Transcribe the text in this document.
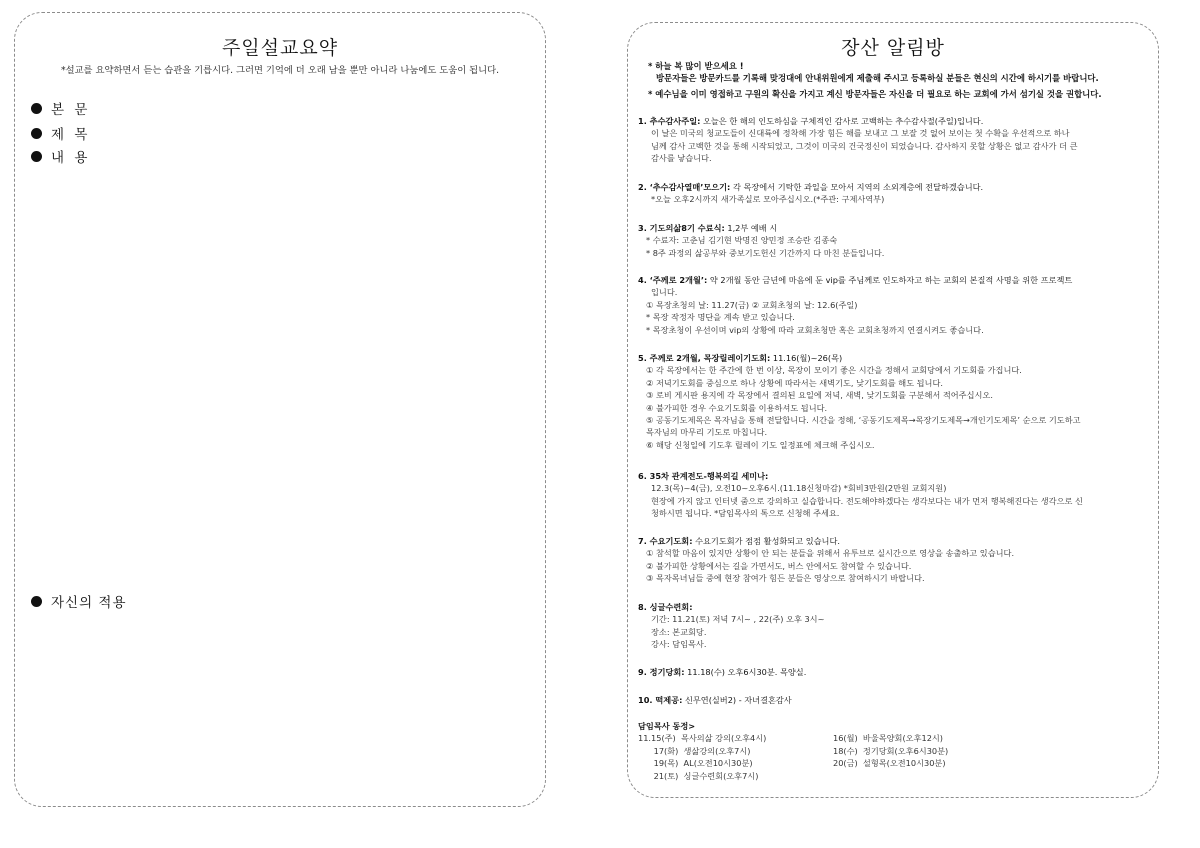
주일설교요약
*설교를 요약하면서 듣는 습관을 기릅시다. 그러면 기억에 더 오래 남을 뿐만 아니라 나눔에도 도움이 됩니다.
본 문
제 목
내 용
자신의 적용
장산 알림방
* 하늘 복 많이 받으세요 !
방문자들은 방문카드를 기록해 맞겅대에 안내위원에게 제출해 주시고 등록하실 분들은 현신의 시간에 하시기를 바랍니다.
* 예수님을 이미 영접하고 구원의 확신을 가지고 계신 방문자들은 자신을 더 필요로 하는 교회에 가서 섬기실 것을 권합니다.
1. 추수감사주일: 오늘은 한 해의 인도하심을 구체적인 감사로 고백하는 추수감사절(주일)입니다.
이 날은 미국의 청교도들이 신대륙에 정착해 가장 힘든 해를 보내고 그 보잘 것 없어 보이는 첫 수확을 우선적으로 하나
님께 감사 고백한 것을 통해 시작되었고, 그것이 미국의 건국정신이 되었습니다. 감사하지 못할 상황은 없고 감사가 더 큰
감사를 낳습니다.
2. ‘추수감사열매’모으기: 각 목장에서 기탁한 과일을 모아서 지역의 소외계층에 전달하겠습니다.
*오늘 오후2시까지 새가족실로 모아주십시오.(*주관: 구제사역부)
3. 기도의삶8기 수료식: 1,2부 예배 시
* 수료자: 고춘님 김기현 박명진 양민정 조승란 김종숙
* 8주 과정의 삶공부와 중보기도헌신 기간까지 다 마친 분들입니다.
4. ‘주께로 2개월’: 약 2개월 동안 금년에 마음에 둔 vip를 주님께로 인도하자고 하는 교회의 본질적 사명을 위한 프로젝트
입니다.
① 목장초청의 날: 11.27(금) ② 교회초청의 날: 12.6(주일)
* 목장 작정자 명단을 계속 받고 있습니다.
* 목장초청이 우선이며 vip의 상황에 따라 교회초청만 혹은 교회초청까지 연결시켜도 좋습니다.
5. 주께로 2개월, 목장릴레이기도회: 11.16(월)~26(목)
① 각 목장에서는 한 주간에 한 번 이상, 목장이 모이기 좋은 시간을 정해서 교회당에서 기도회를 가집니다.
② 저녁기도회를 중심으로 하나 상황에 따라서는 새벽기도, 낮기도회를 해도 됩니다.
③ 로비 게시판 용지에 각 목장에서 결의된 요일에 저녁, 새벽, 낮기도회를 구분해서 적어주십시오.
④ 불가피한 경우 수요기도회를 이용하셔도 됩니다.
⑤ 공동기도제목은 목자님을 통해 전달합니다. 시간을 정해, ‘공동기도제목→목장기도제목→개인기도제목’ 순으로 기도하고
목자님의 마무리 기도로 마칩니다.
⑥ 해당 신청일에 기도후 릴레이 기도 일정표에 체크해 주십시오.
6. 35차 관계전도-행복의길 세미나:
12.3(목)~4(금), 오전10~오후6시.(11.18신청마감) *회비3만원(2만원 교회지원)
현장에 가지 않고 인터넷 줌으로 강의하고 실습합니다. 전도해야하겠다는 생각보다는 내가 먼저 행복해진다는 생각으로 신
청하시면 됩니다. *담임목사의 톡으로 신청해 주세요.
7. 수요기도회: 수요기도회가 점점 활성화되고 있습니다.
① 참석할 마음이 있지만 상황이 안 되는 분들을 위해서 유투브로 실시간으로 영상을 송출하고 있습니다.
② 불가피한 상황에서는 길을 가면서도, 버스 안에서도 참여할 수 있습니다.
③ 목자목녀님들 중에 현장 참여가 힘든 분들은 영상으로 참여하시기 바랍니다.
8. 싱글수련회:
기간: 11.21(토) 저녁 7시~ , 22(주) 오후 3시~
장소: 본교회당.
강사: 담임목사.
9. 정기당회: 11.18(수) 오후6시30분. 목양실.
10. 떡제공: 신무연(실버2) - 자녀결혼감사
담임목사 동정>
11.15(주)  목사의삶 강의(오후4시)
17(화)  생삶강의(오후7시)
19(목)  AL(오전10시30분)
21(토)  싱글수련회(오후7시)
16(월)  바울목양회(오후12시)
18(수)  정기당회(오후6시30분)
20(금)  설형목(오전10시30분)
